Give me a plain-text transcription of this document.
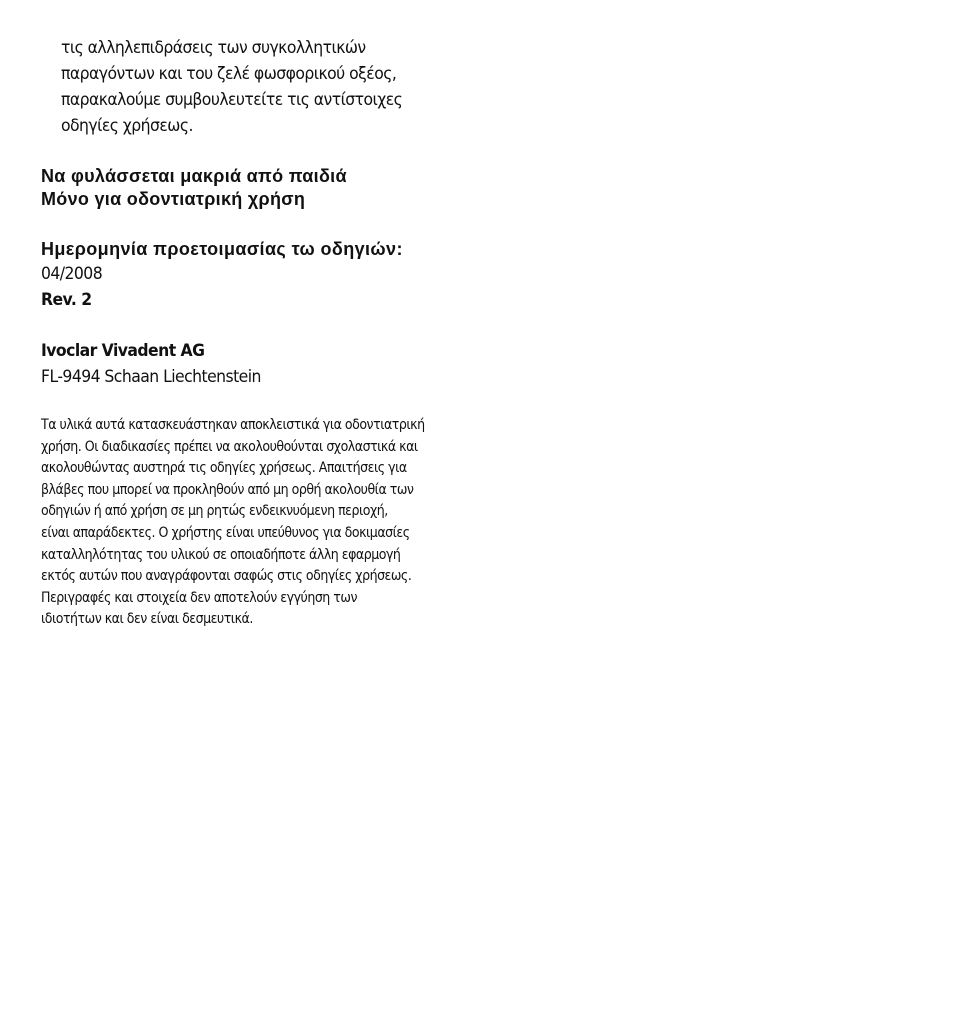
τις αλληλεπιδράσεις των συγκολλητικών
παραγόντων και του ζελέ φωσφορικού οξέος,
παρακαλούμε συμβουλευτείτε τις αντίστοιχες
οδηγίες χρήσεως.
Να φυλάσσεται μακριά από παιδιά
Μόνο για οδοντιατρική χρήση
Ημερομηνία προετοιμασίας τω οδηγιών:
04/2008
Rev. 2
Ivoclar Vivadent AG
FL-9494 Schaan Liechtenstein
Τα υλικά αυτά κατασκευάστηκαν αποκλειστικά για οδοντιατρική
χρήση. Οι διαδικασίες πρέπει να ακολουθούνται σχολαστικά και
ακολουθώντας αυστηρά τις οδηγίες χρήσεως. Απαιτήσεις για
βλάβες που μπορεί να προκληθούν από μη ορθή ακολουθία των
οδηγιών ή από χρήση σε μη ρητώς ενδεικνυόμενη περιοχή,
είναι απαράδεκτες. Ο χρήστης είναι υπεύθυνος για δοκιμασίες
καταλληλότητας του υλικού σε οποιαδήποτε άλλη εφαρμογή
εκτός αυτών που αναγράφονται σαφώς στις οδηγίες χρήσεως.
Περιγραφές και στοιχεία δεν αποτελούν εγγύηση των
ιδιοτήτων και δεν είναι δεσμευτικά.
